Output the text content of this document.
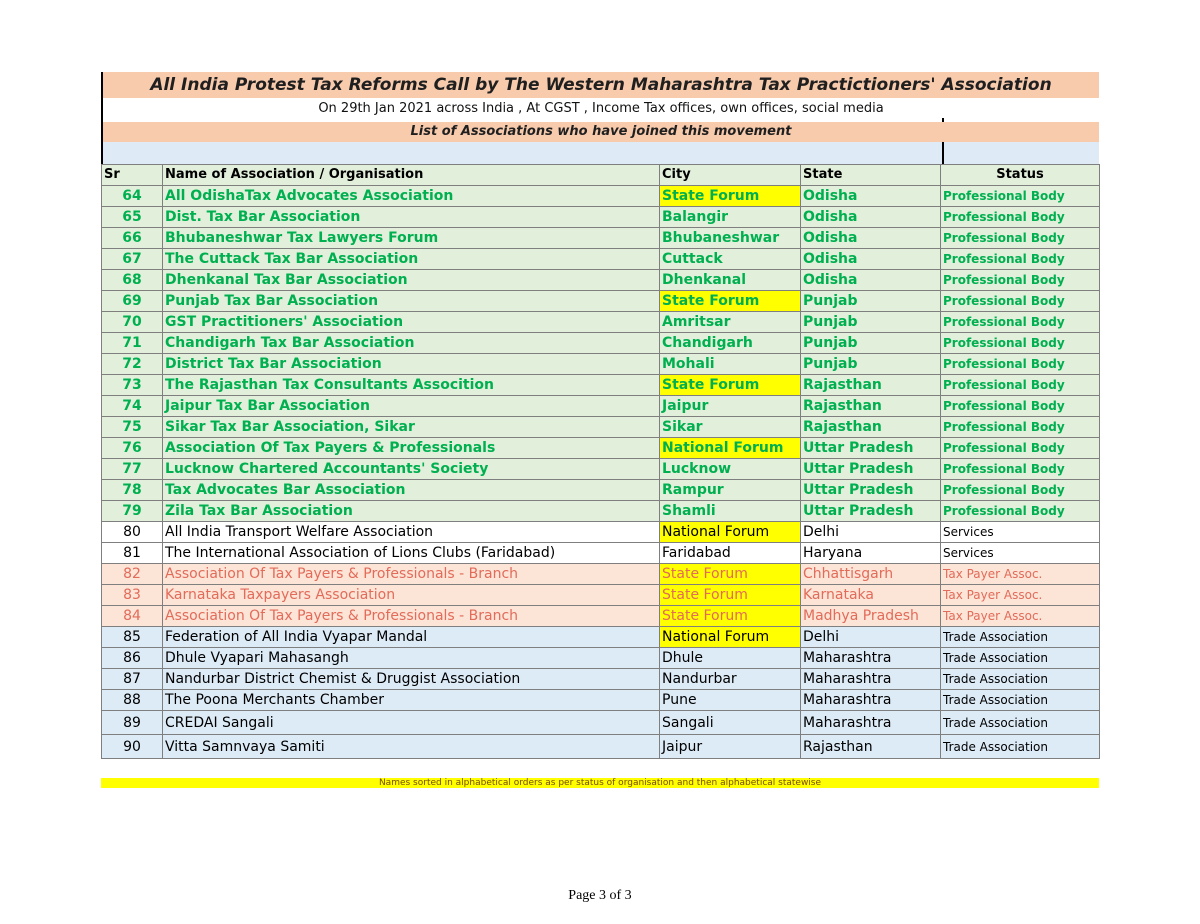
All India Protest Tax Reforms Call by The Western Maharashtra Tax Practictioners' Association
On 29th Jan 2021 across India , At CGST , Income Tax offices, own offices, social media
List of Associations who have joined this movement
Sr	Name of Association / Organisation	City	State	Status
64	All OdishaTax Advocates Association	State Forum	Odisha	Professional Body
65	Dist. Tax Bar Association	Balangir	Odisha	Professional Body
66	Bhubaneshwar Tax Lawyers Forum	Bhubaneshwar	Odisha	Professional Body
67	The Cuttack Tax Bar Association	Cuttack	Odisha	Professional Body
68	Dhenkanal Tax Bar Association	Dhenkanal	Odisha	Professional Body
69	Punjab Tax Bar Association	State Forum	Punjab	Professional Body
70	GST Practitioners' Association	Amritsar	Punjab	Professional Body
71	Chandigarh Tax Bar Association	Chandigarh	Punjab	Professional Body
72	District Tax Bar Association	Mohali	Punjab	Professional Body
73	The Rajasthan Tax Consultants Assocition	State Forum	Rajasthan	Professional Body
74	Jaipur Tax Bar Association	Jaipur	Rajasthan	Professional Body
75	Sikar Tax Bar Association, Sikar	Sikar	Rajasthan	Professional Body
76	Association Of Tax Payers & Professionals	National Forum	Uttar Pradesh	Professional Body
77	Lucknow Chartered Accountants' Society	Lucknow	Uttar Pradesh	Professional Body
78	Tax Advocates Bar Association	Rampur	Uttar Pradesh	Professional Body
79	Zila Tax Bar Association	Shamli	Uttar Pradesh	Professional Body
80	All India Transport Welfare Association	National Forum	Delhi	Services
81	The International Association of Lions Clubs (Faridabad)	Faridabad	Haryana	Services
82	Association Of Tax Payers & Professionals - Branch	State Forum	Chhattisgarh	Tax Payer Assoc.
83	Karnataka Taxpayers Association	State Forum	Karnataka	Tax Payer Assoc.
84	Association Of Tax Payers & Professionals - Branch	State Forum	Madhya Pradesh	Tax Payer Assoc.
85	Federation of All India Vyapar Mandal	National Forum	Delhi	Trade Association
86	Dhule Vyapari Mahasangh	Dhule	Maharashtra	Trade Association
87	Nandurbar District Chemist & Druggist Association	Nandurbar	Maharashtra	Trade Association
88	The Poona Merchants Chamber	Pune	Maharashtra	Trade Association
89	CREDAI Sangali	Sangali	Maharashtra	Trade Association
90	Vitta Samnvaya Samiti	Jaipur	Rajasthan	Trade Association
Names sorted in alphabetical orders as per status of organisation and then alphabetical statewise
Page 3 of 3
